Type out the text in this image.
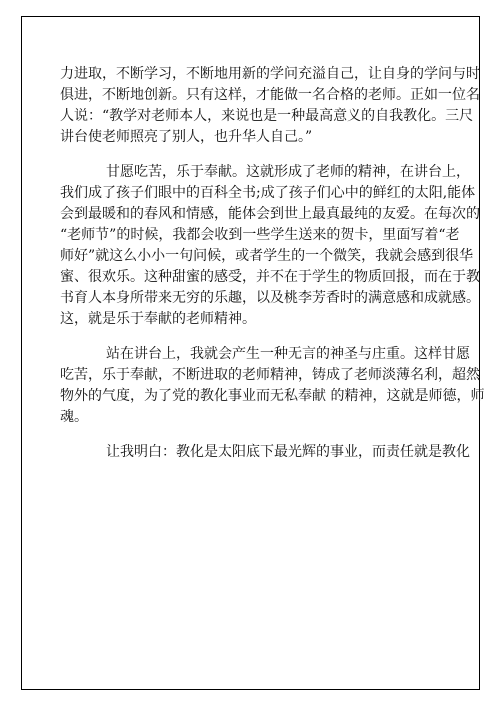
力进取，不断学习，不断地用新的学问充溢自己，让自身的学问与时
俱进，不断地创新。只有这样，才能做一名合格的老师。正如一位名
人说：“教学对老师本人，来说也是一种最高意义的自我教化。三尺
讲台使老师照亮了别人，也升华人自己。”
甘愿吃苦，乐于奉献。这就形成了老师的精神，在讲台上，
我们成了孩子们眼中的百科全书;成了孩子们心中的鲜红的太阳,能体
会到最暖和的春风和情感，能体会到世上最真最纯的友爱。在每次的
“老师节”的时候，我都会收到一些学生送来的贺卡，里面写着“老
师好”就这么小小一句问候，或者学生的一个微笑，我就会感到很华
蜜、很欢乐。这种甜蜜的感受，并不在于学生的物质回报，而在于教
书育人本身所带来无穷的乐趣，以及桃李芳香时的满意感和成就感。
这，就是乐于奉献的老师精神。
站在讲台上，我就会产生一种无言的神圣与庄重。这样甘愿
吃苦，乐于奉献，不断进取的老师精神，铸成了老师淡薄名利，超然
物外的气度，为了党的教化事业而无私奉献 的精神，这就是师德，师
魂。
让我明白：教化是太阳底下最光辉的事业，而责任就是教化
